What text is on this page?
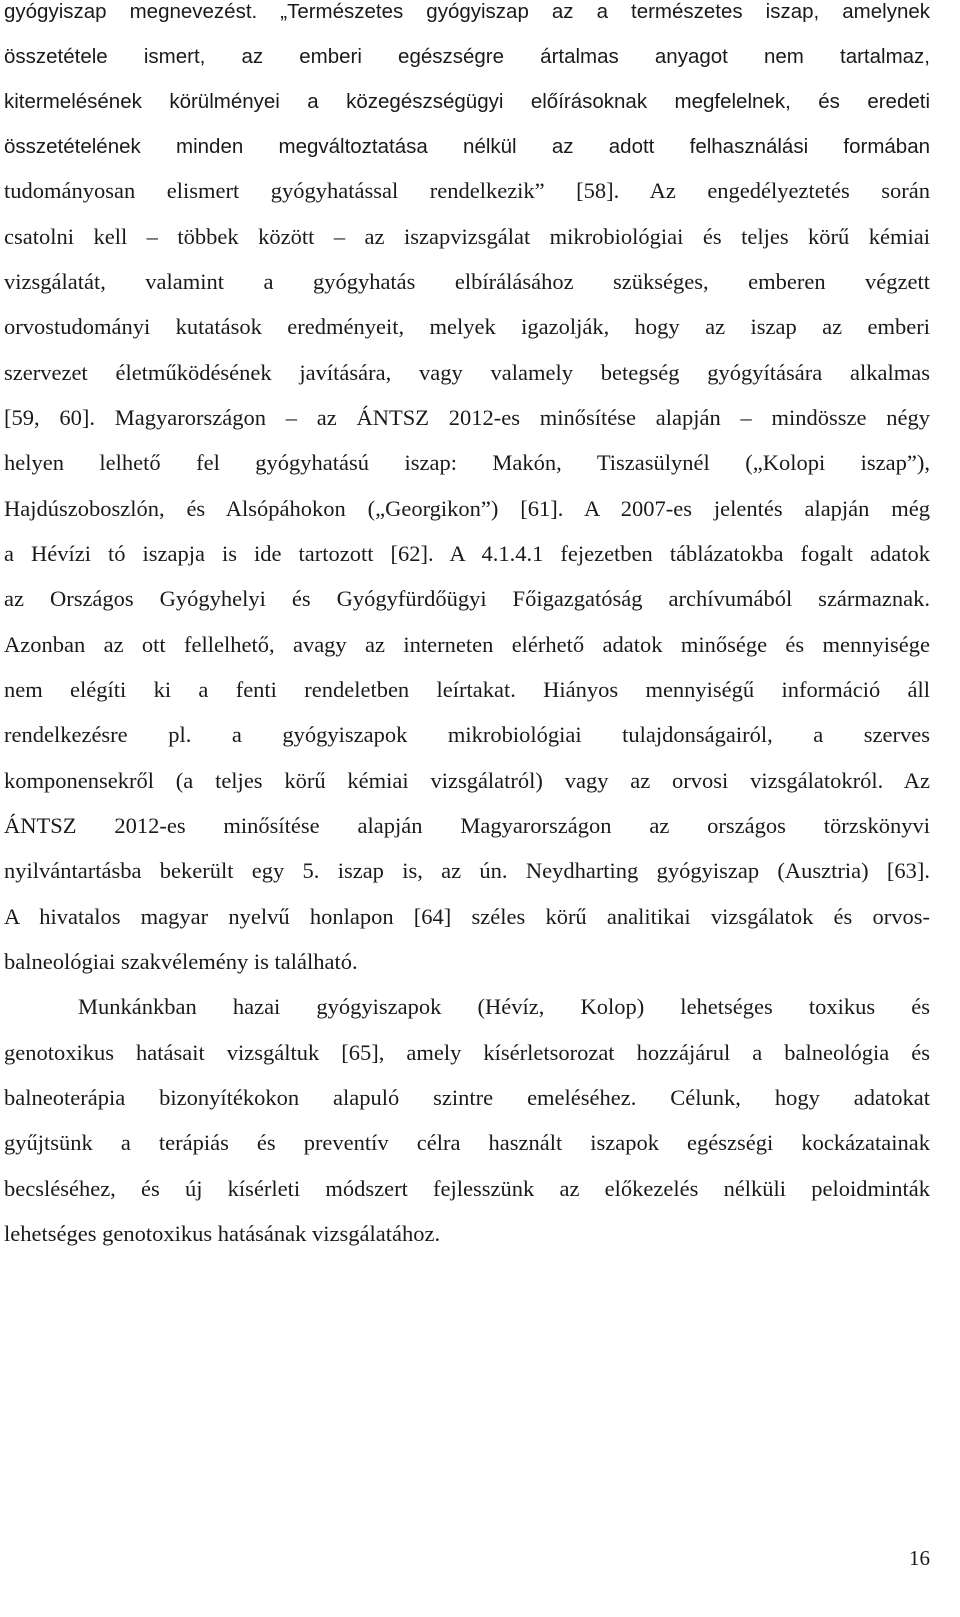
gyógyiszap megnevezést. „Természetes gyógyiszap az a természetes iszap, amelynek

összetétele ismert, az emberi egészségre ártalmas anyagot nem tartalmaz,

kitermelésének körülményei a közegészségügyi előírásoknak megfelelnek, és eredeti

összetételének minden megváltoztatása nélkül az adott felhasználási formában

tudományosan elismert gyógyhatással rendelkezik” [58]. Az engedélyeztetés során

csatolni kell – többek között – az iszapvizsgálat mikrobiológiai és teljes körű kémiai

vizsgálatát, valamint a gyógyhatás elbírálásához szükséges, emberen végzett

orvostudományi kutatások eredményeit, melyek igazolják, hogy az iszap az emberi

szervezet életműködésének javítására, vagy valamely betegség gyógyítására alkalmas

[59, 60]. Magyarországon – az ÁNTSZ 2012-es minősítése alapján – mindössze négy

helyen lelhető fel gyógyhatású iszap: Makón, Tiszasülynél („Kolopi iszap”),

Hajdúszoboszlón, és Alsópáhokon („Georgikon”) [61]. A 2007-es jelentés alapján még

a Hévízi tó iszapja is ide tartozott [62]. A 4.1.4.1 fejezetben táblázatokba fogalt adatok

az Országos Gyógyhelyi és Gyógyfürdőügyi Főigazgatóság archívumából származnak.

Azonban az ott fellelhető, avagy az interneten elérhető adatok minősége és mennyisége

nem elégíti ki a fenti rendeletben leírtakat. Hiányos mennyiségű információ áll

rendelkezésre pl. a gyógyiszapok mikrobiológiai tulajdonságairól, a szerves

komponensekről (a teljes körű kémiai vizsgálatról) vagy az orvosi vizsgálatokról. Az

ÁNTSZ 2012-es minősítése alapján Magyarországon az országos törzskönyvi

nyilvántartásba bekerült egy 5. iszap is, az ún. Neydharting gyógyiszap (Ausztria) [63].

A hivatalos magyar nyelvű honlapon [64] széles körű analitikai vizsgálatok és orvos-

balneológiai szakvélemény is található.

Munkánkban hazai gyógyiszapok (Hévíz, Kolop) lehetséges toxikus és

genotoxikus hatásait vizsgáltuk [65], amely kísérletsorozat hozzájárul a balneológia és

balneoterápia bizonyítékokon alapuló szintre emeléséhez. Célunk, hogy adatokat

gyűjtsünk a terápiás és preventív célra használt iszapok egészségi kockázatainak

becsléséhez, és új kísérleti módszert fejlesszünk az előkezelés nélküli peloidminták

lehetséges genotoxikus hatásának vizsgálatához.

16
